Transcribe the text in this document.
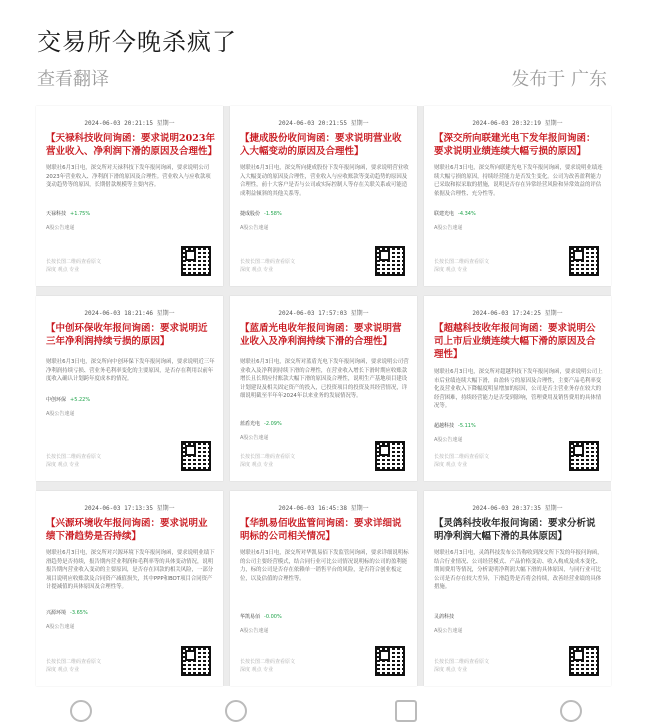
交易所今晚杀疯了
查看翻译	发布于 广东
2024-06-03 20:21:15 星期一
【天禄科技收问询函：要求说明2023年营业收入、净利润下滑的原因及合理性】
财联社6月3日电，深交所对天禄科技下发年报问询函，要求说明公司2023年营业收入、净利润下滑的原因及合理性。营业收入与应收款项变动趋势等的原因，长期借款规模等主要内容。
天禄科技 +1.75%
A股公告速递
长按长图二维码查看原文
深度 观点 专业
2024-06-03 20:21:55 星期一
【捷成股份收问询函：要求说明营业收入大幅变动的原因及合理性】
财联社6月3日电，深交所向捷成股份下发年报问询函，要求说明营业收入大幅变动的原因及合理性，营业收入与应收账款等变动趋势的原因及合理性，前十大客户是否与公司或实际控制人等存在关联关系或可能造成利益倾斜的其他关系等。
捷成股份 -1.58%
A股公告速递
长按长图二维码查看原文
深度 观点 专业
2024-06-03 20:32:19 星期一
【深交所向联建光电下发年报问询函：要求说明业绩连续大幅亏损的原因】
财联社6月3日电，深交所向联建光电下发年报问询函，要求说明业绩连续大幅亏损的原因，持续经营能力是否发生变化。公司为改善盈利能力已采取和拟采取的措施，说明是否存在异常经营风险和异常效益的评估依据及合理性、充分性等。
联建光电 -4.34%
A股公告速递
长按长图二维码查看原文
深度 观点 专业
2024-06-03 18:21:46 星期一
【中创环保收年报问询函：要求说明近三年净利润持续亏损的原因】
财联社6月3日电，深交所向中创环保下发年报问询函，要求说明近三年净利润持续亏损、营业务毛利率变化的主要原因，是否存在利用以前年度收入确认计划跨年度成本的情况。
中创环保 +5.22%
A股公告速递
长按长图二维码查看原文
深度 观点 专业
2024-06-03 17:57:03 星期一
【蓝盾光电收年报问询函：要求说明营业收入及净利润持续下滑的合理性】
财联社6月3日电，深交所对蓝盾光电下发年报问询函，要求说明公司营业收入及净利润持续下滑的合理性，在营业收入增长下滑时期应收账款增长且长期应付账款大幅下滑的原因及合理性，说明生产基地项目建设计划建设及相关固定资产的投入，已投资项目的投资及其经营情况，详细说明截至半年年2024年以来业务的发展情况等。
蓝盾光电 -2.09%
A股公告速递
长按长图二维码查看原文
深度 观点 专业
2024-06-03 17:24:25 星期一
【超越科技收年报问询函：要求说明公司上市后业绩连续大幅下滑的原因及合理性】
财联社6月3日电，深交所对超越科技下发年报问询函，要求说明公司上市后业绩连续大幅下滑，由盈转亏的原因及合理性，主要产品毛利率变化及营业收入下降幅度明显增加的原因，公司是否主营业务存在较大的经营困难，持续经营能力是否受到影响，管理费用及销售费用的具体情况等。
超越科技 -5.11%
A股公告速递
长按长图二维码查看原文
深度 观点 专业
2024-06-03 17:13:35 星期一
【兴源环境收年报问询函：要求说明业绩下滑趋势是否持续】
财联社6月3日电，深交所对兴源环境下发年报问询函，要求说明业绩下滑趋势是否持续，报告期内营业利润和毛利率等的具体变动情况，说明报告期内营业收入变动的主要原因，是否存在回款的相关风险，一部分项目说明应收账款及合同资产减值损失，其中PPP和BOT项目合同资产计提减值的具体原因及合理性等。
兴源环境 -3.65%
A股公告速递
长按长图二维码查看原文
深度 观点 专业
2024-06-03 16:45:38 星期一
【华凯易佰收监管问询函：要求详细说明标的公司相关情况】
财联社6月3日电，深交所对华凯易佰下发监管问询函，要求详细说明标的公司主要经营模式，结合同行业可比公司情况说明标的公司的盈利能力，标的公司是否存在依赖单一销售平台的风险，是否符合创业板定位，以及估值的合理性等。
华凯易佰 -0.00%
A股公告速递
长按长图二维码查看原文
深度 观点 专业
2024-06-03 20:37:35 星期一
【灵鸽科技收年报问询函：要求分析说明净利润大幅下滑的具体原因】
财联社6月3日电，灵鸽科技发布公告称收到深交所下发的年报问询函，结合行业情况、公司经营模式、产品价格变动、收入构成及成本变化、期间费用等情况，分析说明净利润大幅下滑的具体原因，与同行业可比公司是否存在较大差异，下滑趋势是否将会持续，改善经营业绩的具体措施。
灵鸽科技
A股公告速递
长按长图二维码查看原文
深度 观点 专业
